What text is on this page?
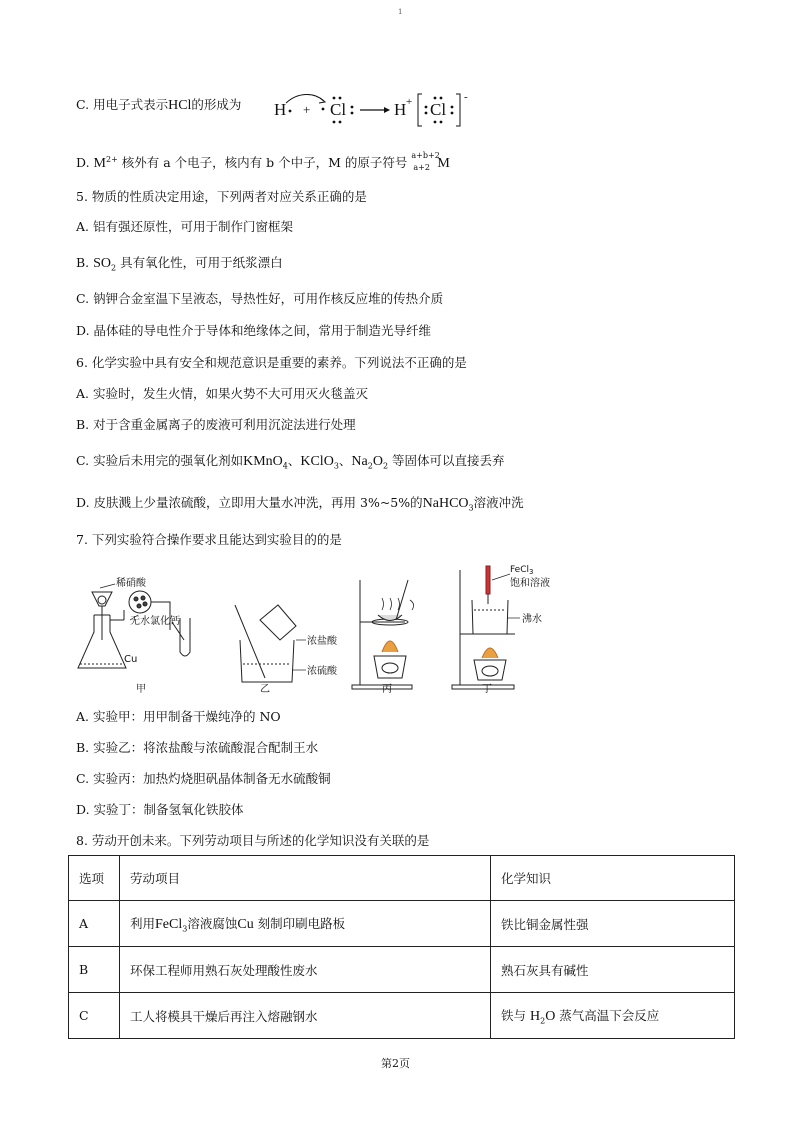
1
C. 用电子式表示HCl的形成为 H + Cl	H + Cl
-
D. $M^{2+}$ 核外有 a 个电子，核内有 b 个中子，M 的原子符号 a+b+2
a+2 M
5. 物质的性质决定用途，下列两者对应关系正确的是
A. 铝有强还原性，可用于制作门窗框架
B. $SO_2$ 具有氧化性，可用于纸浆漂白
C. 钠钾合金室温下呈液态，导热性好，可用作核反应堆的传热介质
D. 晶体硅的导电性介于导体和绝缘体之间，常用于制造光导纤维
6. 化学实验中具有安全和规范意识是重要的素养。下列说法不正确的是
A. 实验时，发生火情，如果火势不大可用灭火毯盖灭
B. 对于含重金属离子的废液可利用沉淀法进行处理
C. 实验后未用完的强氧化剂如KMnO$_4$、KClO$_3$、$Na_2O_2$ 等固体可以直接丢弃
D. 皮肤溅上少量浓硫酸，立即用大量水冲洗，再用 3%~5%的NaHCO$_3$溶液冲洗
7. 下列实验符合操作要求且能达到实验目的的是
稀硝酸
无水氯化钙
Cu
浓盐酸
浓硫酸
FeCl$_3$
饱和溶液
沸水
甲	乙	丙	丁
A. 实验甲：用甲制备干燥纯净的 NO
B. 实验乙：将浓盐酸与浓硫酸混合配制王水
C. 实验丙：加热灼烧胆矾晶体制备无水硫酸铜
D. 实验丁：制备氢氧化铁胶体
8. 劳动开创未来。下列劳动项目与所述的化学知识没有关联的是
选项	劳动项目	化学知识
A	利用FeCl$_3$溶液腐蚀Cu 刻制印刷电路板	铁比铜金属性强
B	环保工程师用熟石灰处理酸性废水	熟石灰具有碱性
C	工人将模具干燥后再注入熔融钢水	铁与 $H_2O$ 蒸气高温下会反应
第2页
